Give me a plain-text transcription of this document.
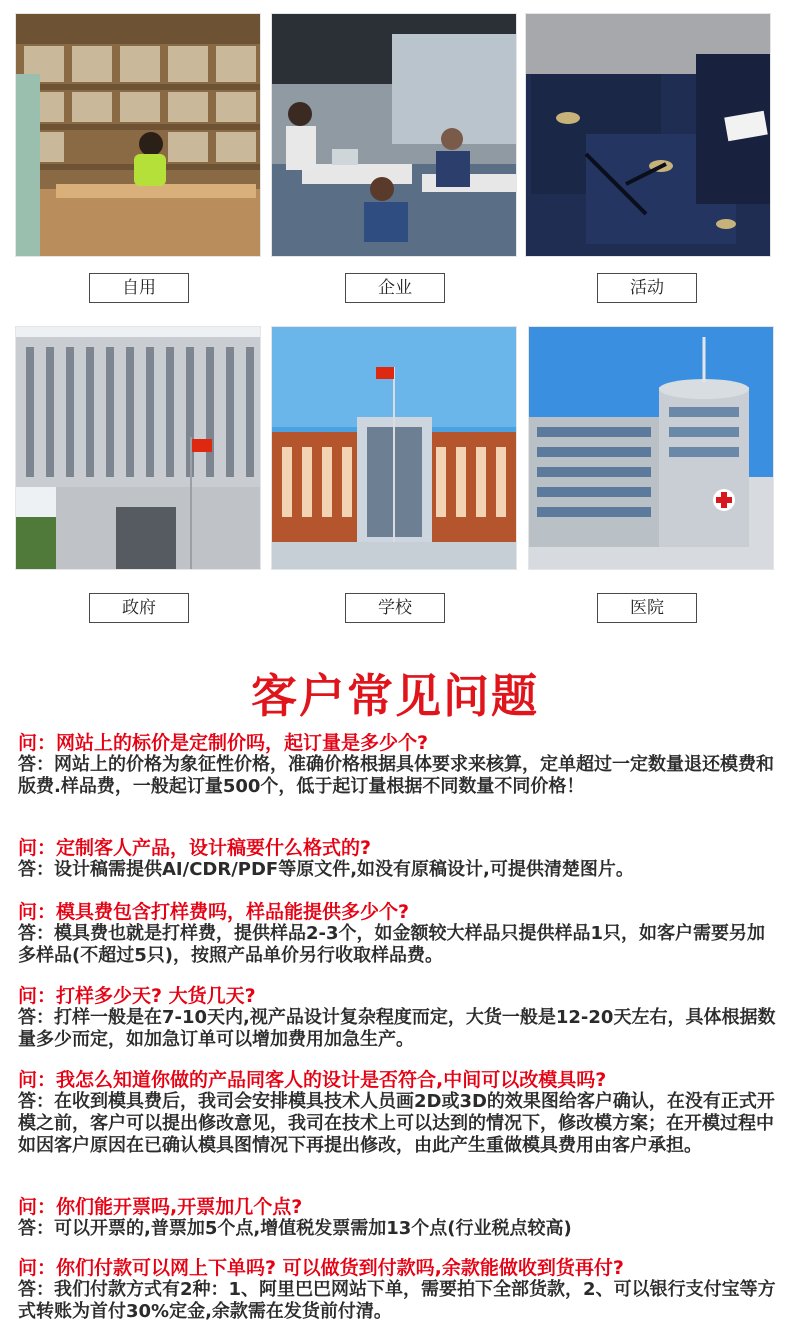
自用	企业	活动
政府	学校	医院
客户常见问题

问：网站上的标价是定制价吗，起订量是多少个?

答：网站上的价格为象征性价格，准确价格根据具体要求来核算，定单超过一定数量退还模费和版费.样品费，一般起订量500个，低于起订量根据不同数量不同价格！

问：定制客人产品，设计稿要什么格式的?

答：设计稿需提供AI/CDR/PDF等原文件,如没有原稿设计,可提供清楚图片。

问：模具费包含打样费吗，样品能提供多少个?

答：模具费也就是打样费，提供样品2-3个，如金额较大样品只提供样品1只，如客户需要另加多样品(不超过5只)，按照产品单价另行收取样品费。

问：打样多少天? 大货几天?

答：打样一般是在7-10天内,视产品设计复杂程度而定，大货一般是12-20天左右，具体根据数量多少而定，如加急订单可以增加费用加急生产。

问：我怎么知道你做的产品同客人的设计是否符合,中间可以改模具吗?

答：在收到模具费后，我司会安排模具技术人员画2D或3D的效果图给客户确认，在没有正式开模之前，客户可以提出修改意见，我司在技术上可以达到的情况下，修改模方案；在开模过程中如因客户原因在已确认模具图情况下再提出修改，由此产生重做模具费用由客户承担。

问：你们能开票吗,开票加几个点?

答：可以开票的,普票加5个点,增值税发票需加13个点(行业税点较高)

问：你们付款可以网上下单吗? 可以做货到付款吗,余款能做收到货再付?

答：我们付款方式有2种：1、阿里巴巴网站下单，需要拍下全部货款，2、可以银行支付宝等方式转账为首付30%定金,余款需在发货前付清。
